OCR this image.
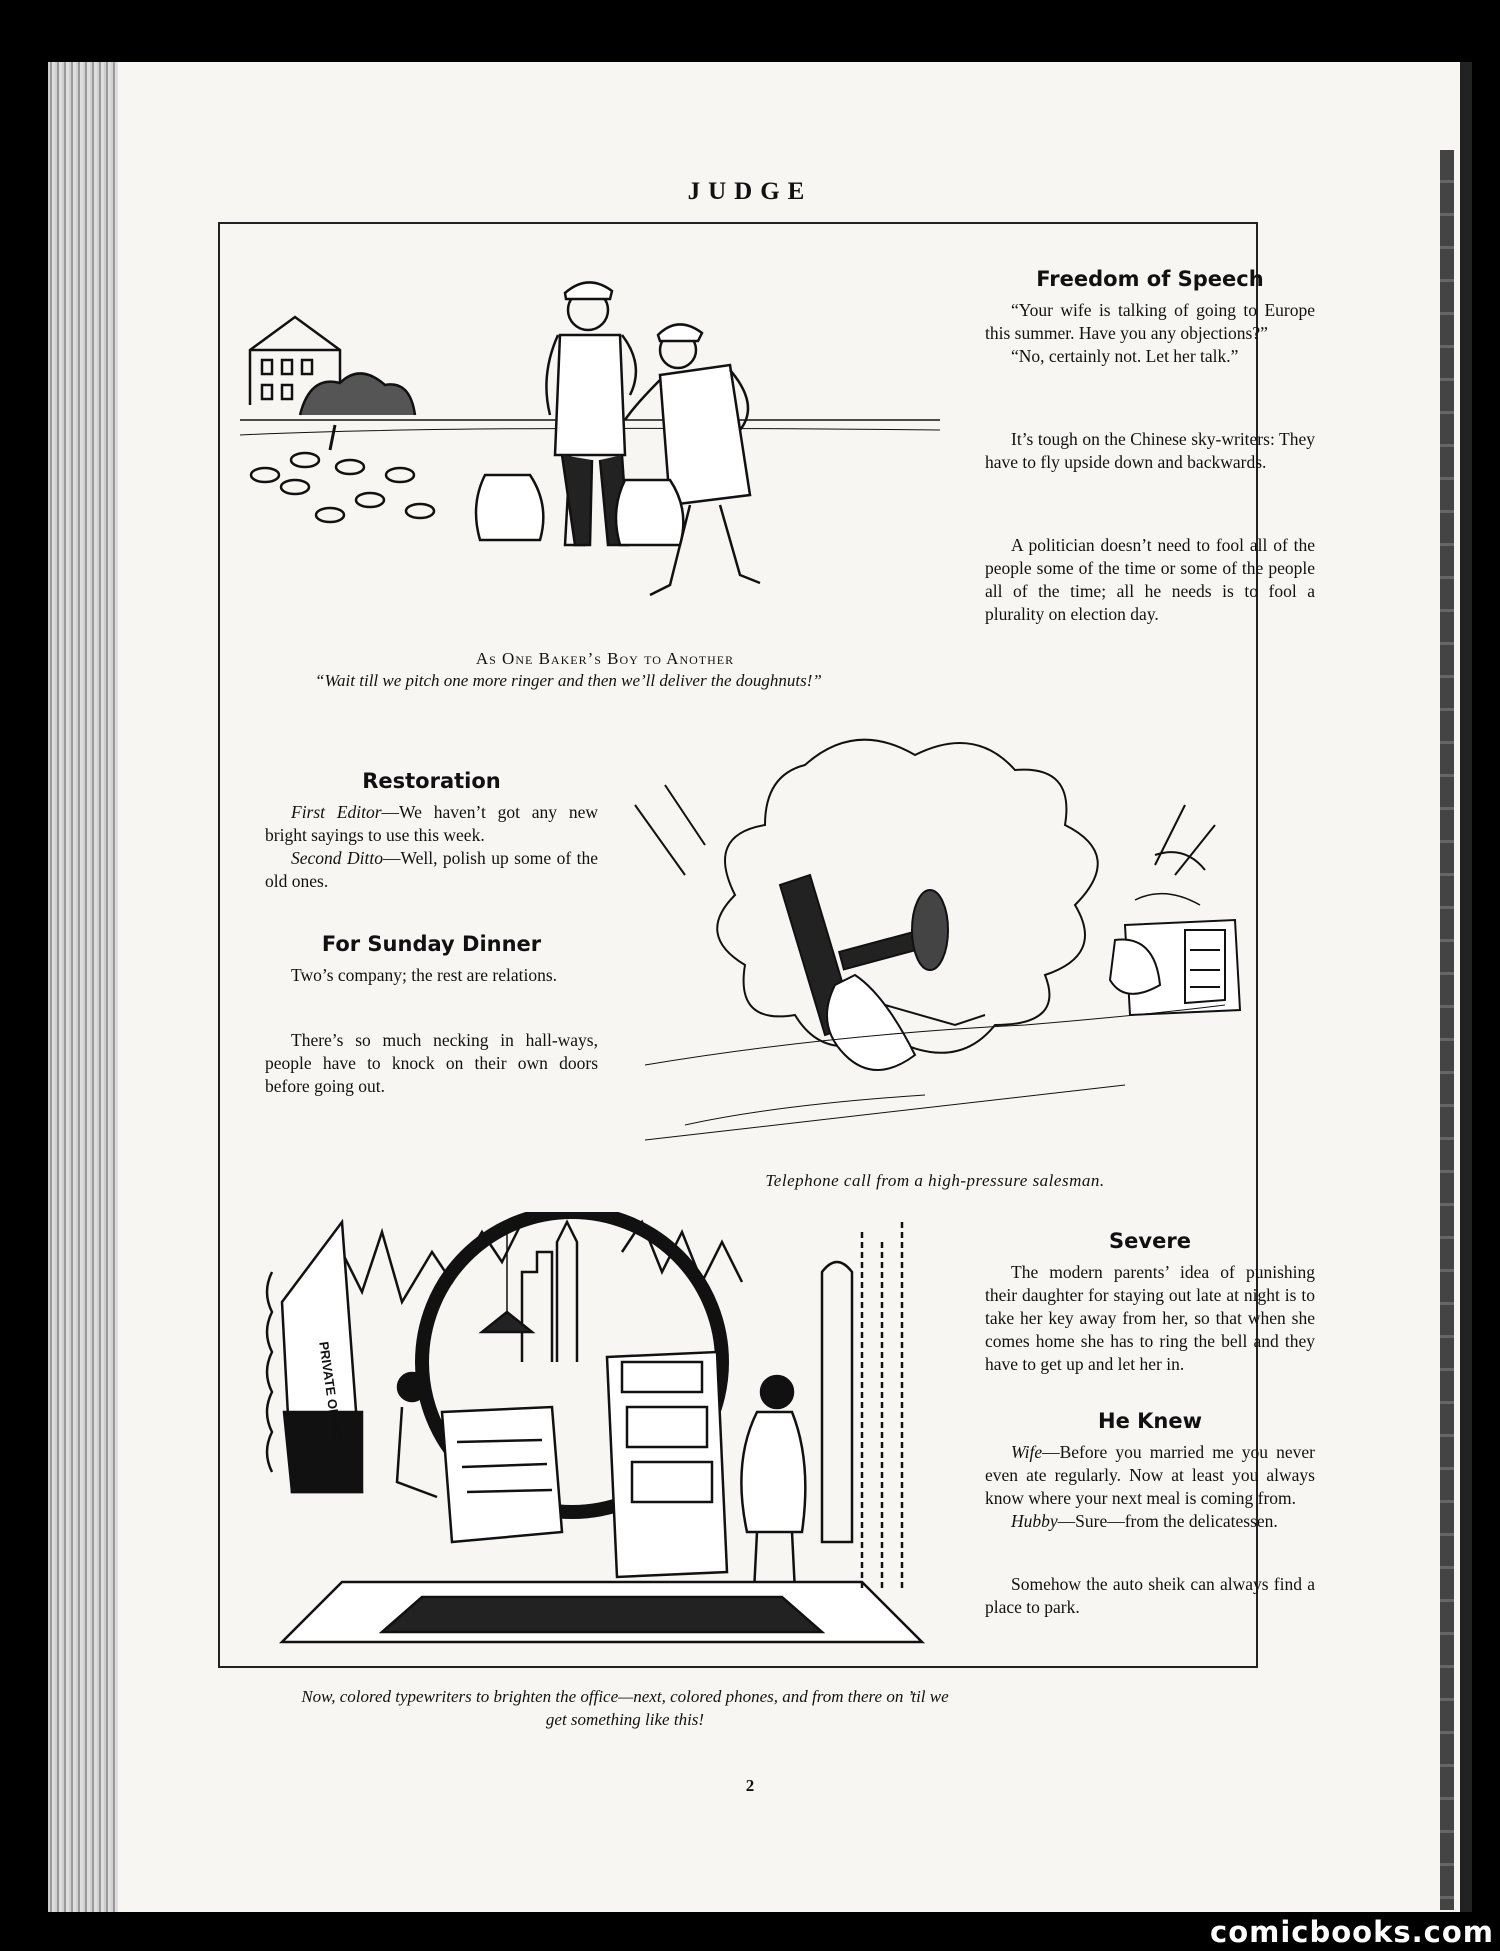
JUDGE
As One Baker’s Boy to Another
“Wait till we pitch one more ringer and then we’ll deliver the doughnuts!”
Freedom of Speech

“Your wife is talking of going to Europe this summer. Have you any objections?”

“No, certainly not. Let her talk.”

It’s tough on the Chinese sky-writers: They have to fly upside down and backwards.

A politician doesn’t need to fool all of the people some of the time or some of the people all of the time; all he needs is to fool a plurality on election day.

Restoration

First Editor—We haven’t got any new bright sayings to use this week.

Second Ditto—Well, polish up some of the old ones.

For Sunday Dinner

Two’s company; the rest are relations.

There’s so much necking in hall-ways, people have to knock on their own doors before going out.

Telephone call from a high-pressure salesman.
PRIVATE OFFICE
Now, colored typewriters to brighten the office—next, colored phones, and from there on ’til we get something like this!
Severe

The modern parents’ idea of punishing their daughter for staying out late at night is to take her key away from her, so that when she comes home she has to ring the bell and they have to get up and let her in.

He Knew

Wife—Before you married me you never even ate regularly. Now at least you always know where your next meal is coming from.

Hubby—Sure—from the delicatessen.

Somehow the auto sheik can always find a place to park.

2
comicbooks.com
